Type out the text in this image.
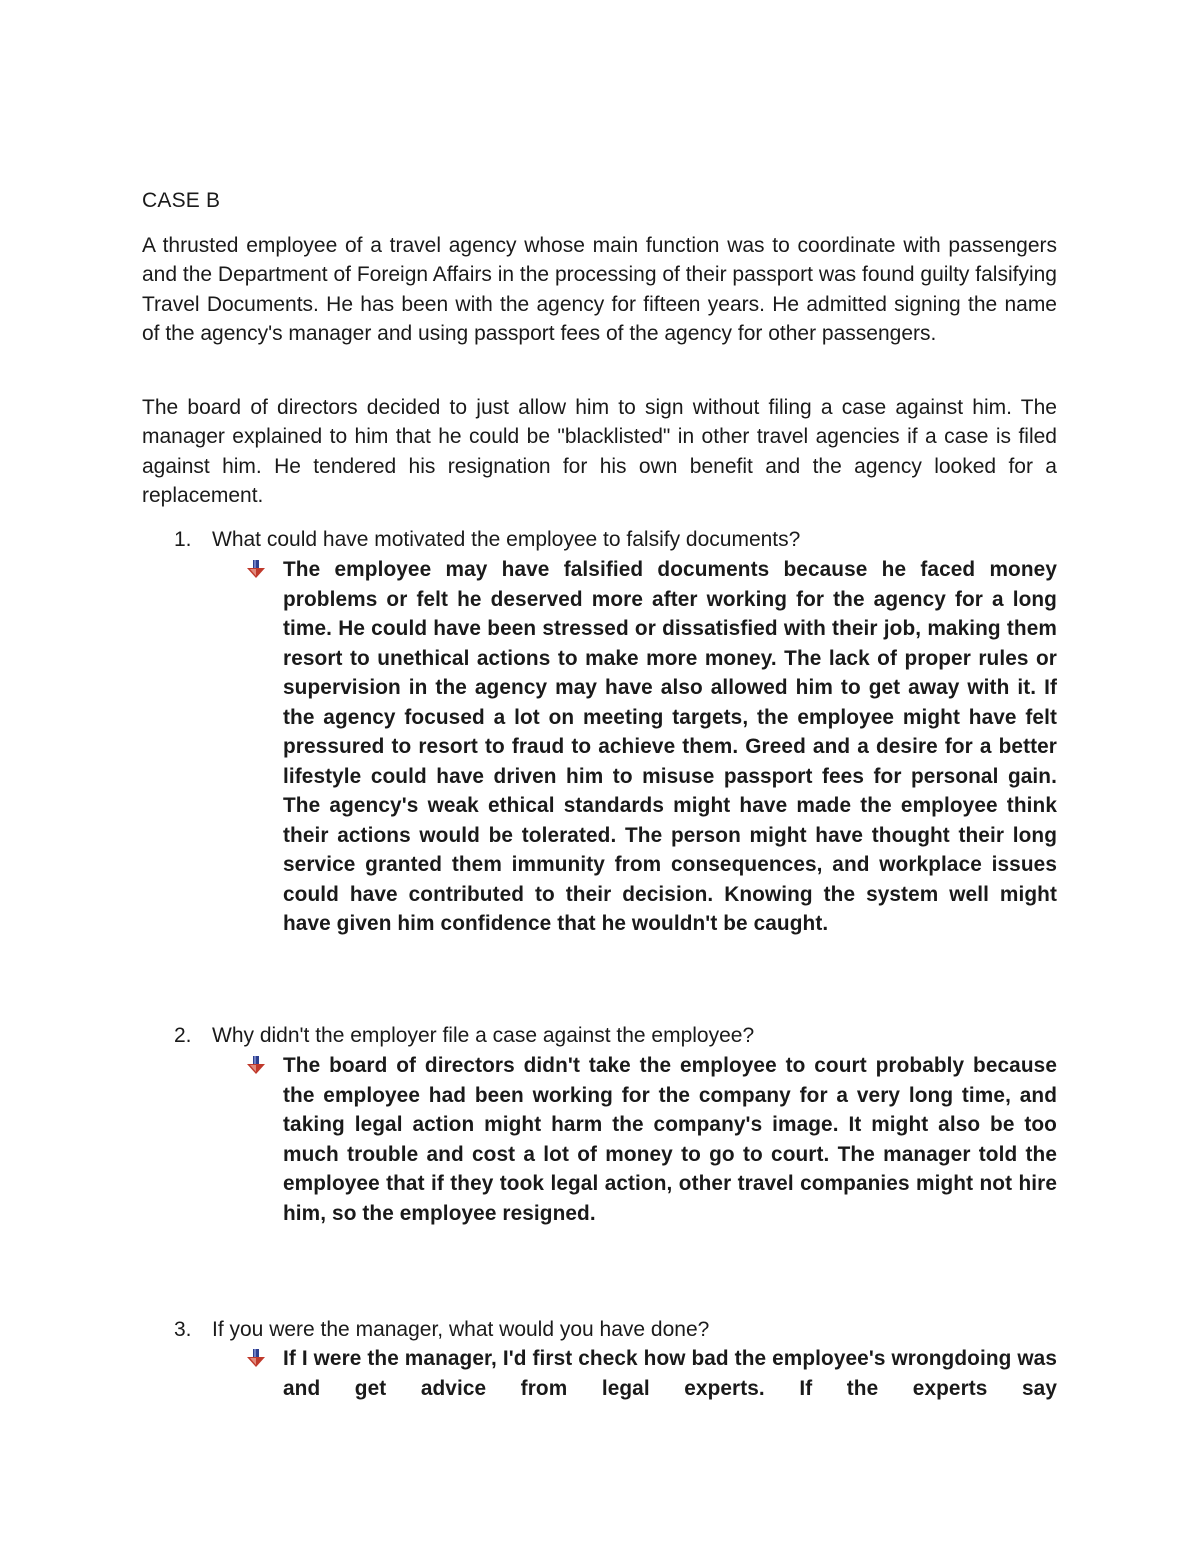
CASE B

A thrusted employee of a travel agency whose main function was to coordinate with passengers and the Department of Foreign Affairs in the processing of their passport was found guilty falsifying Travel Documents. He has been with the agency for fifteen years. He admitted signing the name of the agency's manager and using passport fees of the agency for other passengers.

The board of directors decided to just allow him to sign without filing a case against him. The manager explained to him that he could be "blacklisted" in other travel agencies if a case is filed against him. He tendered his resignation for his own benefit and the agency looked for a replacement.

1. What could have motivated the employee to falsify documents?

The employee may have falsified documents because he faced money problems or felt he deserved more after working for the agency for a long time. He could have been stressed or dissatisfied with their job, making them resort to unethical actions to make more money. The lack of proper rules or supervision in the agency may have also allowed him to get away with it. If the agency focused a lot on meeting targets, the employee might have felt pressured to resort to fraud to achieve them. Greed and a desire for a better lifestyle could have driven him to misuse passport fees for personal gain. The agency's weak ethical standards might have made the employee think their actions would be tolerated. The person might have thought their long service granted them immunity from consequences, and workplace issues could have contributed to their decision. Knowing the system well might have given him confidence that he wouldn't be caught.

2. Why didn't the employer file a case against the employee?

The board of directors didn't take the employee to court probably because the employee had been working for the company for a very long time, and taking legal action might harm the company's image. It might also be too much trouble and cost a lot of money to go to court. The manager told the employee that if they took legal action, other travel companies might not hire him, so the employee resigned.

3. If you were the manager, what would you have done?

If I were the manager, I'd first check how bad the employee's wrongdoing was and get advice from legal experts. If the experts say
